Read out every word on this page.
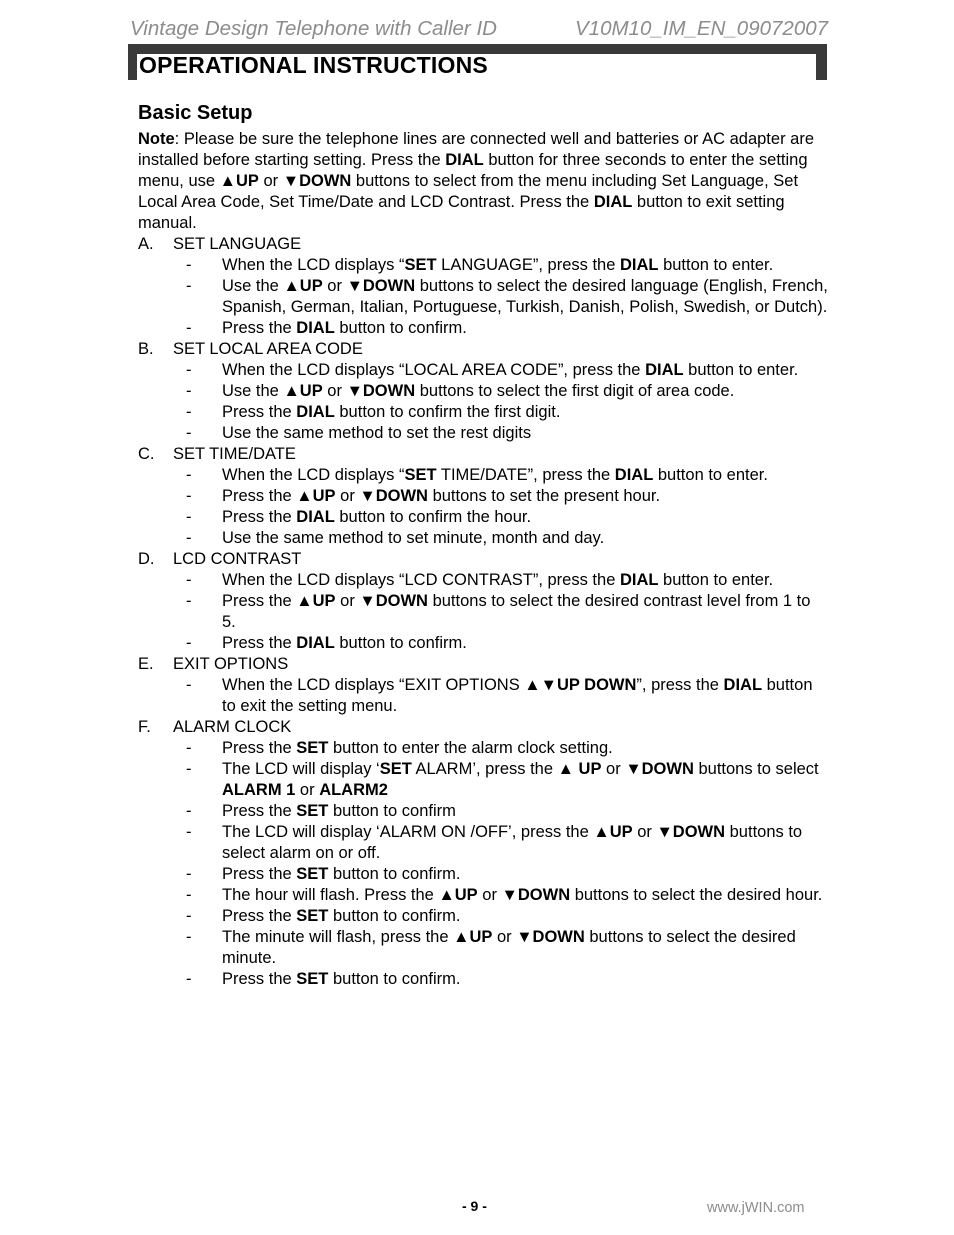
Vintage Design Telephone with Caller ID	V10M10_IM_EN_09072007
OPERATIONAL INSTRUCTIONS
Basic Setup

Note: Please be sure the telephone lines are connected well and batteries or AC adapter are installed before starting setting. Press the DIAL button for three seconds to enter the setting menu, use ▲UP or ▼DOWN buttons to select from the menu including Set Language, Set Local Area Code, Set Time/Date and LCD Contrast. Press the DIAL button to exit setting manual.

A.	SET LANGUAGE
-	When the LCD displays “SET LANGUAGE”, press the DIAL button to enter.
-	Use the ▲UP or ▼DOWN buttons to select the desired language (English, French, Spanish, German, Italian, Portuguese, Turkish, Danish, Polish, Swedish, or Dutch).
-	Press the DIAL button to confirm.
B.	SET LOCAL AREA CODE
-	When the LCD displays “LOCAL AREA CODE”, press the DIAL button to enter.
-	Use the ▲UP or ▼DOWN buttons to select the first digit of area code.
-	Press the DIAL button to confirm the first digit.
-	Use the same method to set the rest digits
C.	SET TIME/DATE
-	When the LCD displays “SET TIME/DATE”, press the DIAL button to enter.
-	Press the ▲UP or ▼DOWN buttons to set the present hour.
-	Press the DIAL button to confirm the hour.
-	Use the same method to set minute, month and day.
D.	LCD CONTRAST
-	When the LCD displays “LCD CONTRAST”, press the DIAL button to enter.
-	Press the ▲UP or ▼DOWN buttons to select the desired contrast level from 1 to 5.
-	Press the DIAL button to confirm.
E.	EXIT OPTIONS
-	When the LCD displays “EXIT OPTIONS ▲▼UP DOWN”, press the DIAL button to exit the setting menu.
F.	ALARM CLOCK
-	Press the SET button to enter the alarm clock setting.
-	The LCD will display ‘SET ALARM’, press the ▲ UP or ▼DOWN buttons to select ALARM 1 or ALARM2
-	Press the SET button to confirm
-	The LCD will display ‘ALARM ON /OFF’, press the ▲UP or ▼DOWN buttons to select alarm on or off.
-	Press the SET button to confirm.
-	The hour will flash. Press the ▲UP or ▼DOWN buttons to select the desired hour.
-	Press the SET button to confirm.
-	The minute will flash, press the ▲UP or ▼DOWN buttons to select the desired minute.
-	Press the SET button to confirm.
- 9 -	www.jWIN.com
